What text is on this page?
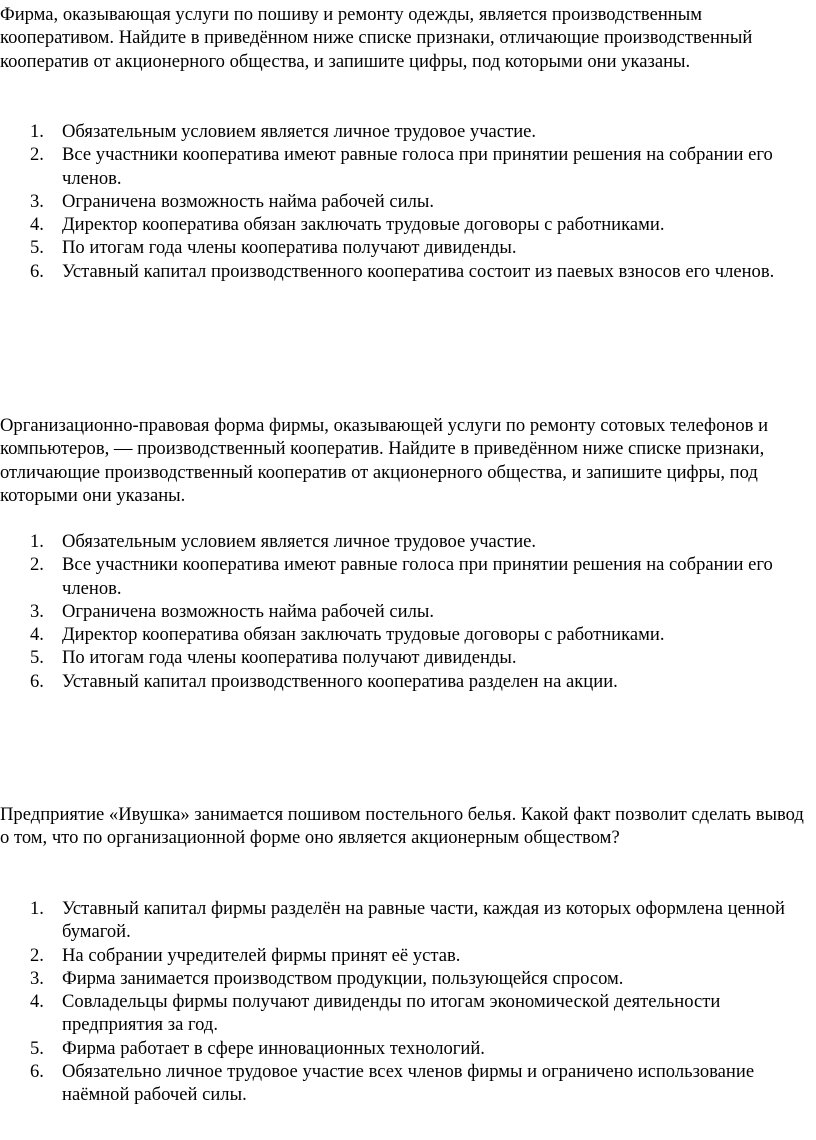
Фирма, оказывающая услуги по пошиву и ремонту одежды, является производственным кооперативом. Найдите в приведённом ниже списке признаки, отличающие производственный кооператив от акционерного общества, и запишите цифры, под которыми они указаны.

1. Обязательным условием является личное трудовое участие.
2. Все участники кооператива имеют равные голоса при принятии решения на собрании его членов.
3. Ограничена возможность найма рабочей силы.
4. Директор кооператива обязан заключать трудовые договоры с работниками.
5. По итогам года члены кооператива получают дивиденды.
6. Уставный капитал производственного кооператива состоит из паевых взносов его членов.

Организационно-правовая форма фирмы, оказывающей услуги по ремонту сотовых телефонов и компьютеров, — производственный кооператив. Найдите в приведённом ниже списке признаки, отличающие производственный кооператив от акционерного общества, и запишите цифры, под которыми они указаны.

1. Обязательным условием является личное трудовое участие.
2. Все участники кооператива имеют равные голоса при принятии решения на собрании его членов.
3. Ограничена возможность найма рабочей силы.
4. Директор кооператива обязан заключать трудовые договоры с работниками.
5. По итогам года члены кооператива получают дивиденды.
6. Уставный капитал производственного кооператива разделен на акции.

Предприятие «Ивушка» занимается пошивом постельного белья. Какой факт позволит сделать вывод о том, что по организационной форме оно является акционерным обществом?

1. Уставный капитал фирмы разделён на равные части, каждая из которых оформлена ценной бумагой.
2. На собрании учредителей фирмы принят её устав.
3. Фирма занимается производством продукции, пользующейся спросом.
4. Совладельцы фирмы получают дивиденды по итогам экономической деятельности предприятия за год.
5. Фирма работает в сфере инновационных технологий.
6. Обязательно личное трудовое участие всех членов фирмы и ограничено использование наёмной рабочей силы.
